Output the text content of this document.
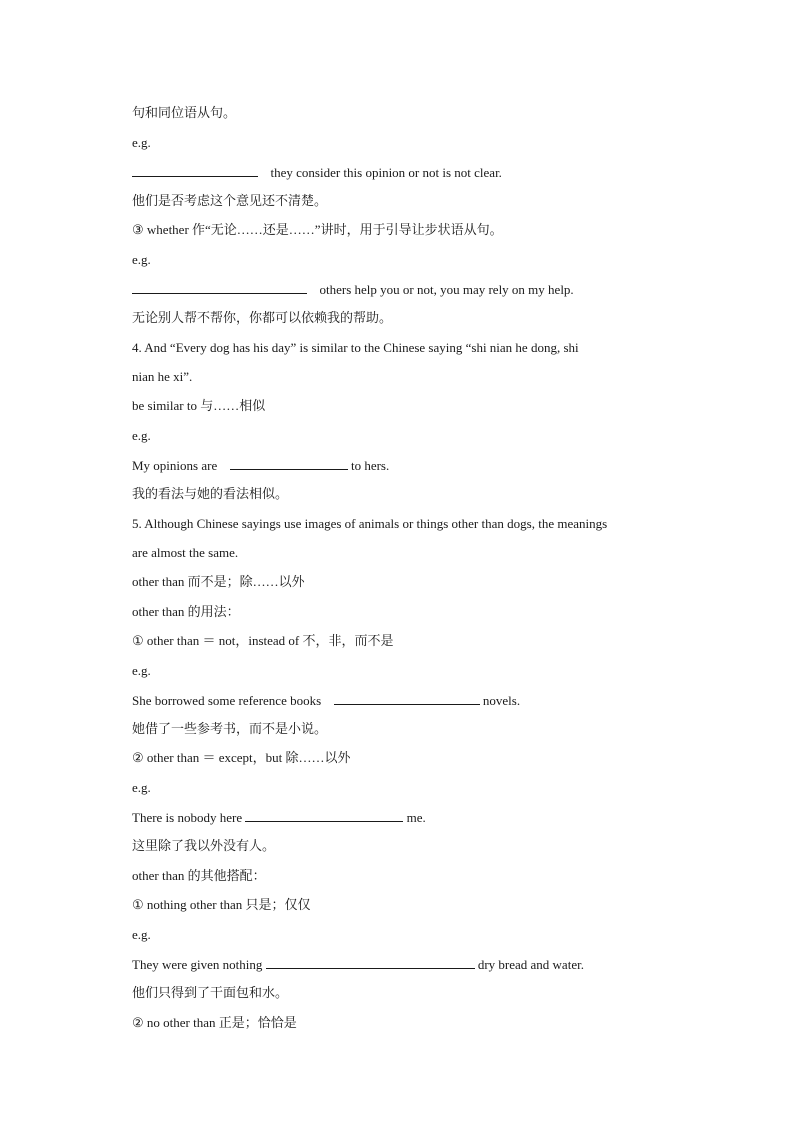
句和同位语从句。
e.g.
they consider this opinion or not is not clear.
他们是否考虑这个意见还不清楚。
③ whether 作“无论……还是……”讲时，用于引导让步状语从句。
e.g.
others help you or not, you may rely on my help.
无论别人帮不帮你，你都可以依赖我的帮助。
4. And “Every dog has his day” is similar to the Chinese saying “shi nian he dong, shi
nian he xi”.
be similar to 与……相似
e.g.
My opinions are	to hers.
我的看法与她的看法相似。
5. Although Chinese sayings use images of animals or things other than dogs, the meanings
are almost the same.
other than 而不是；除……以外
other than 的用法：
① other than ＝ not，instead of 不，非，而不是
e.g.
She borrowed some reference books	novels.
她借了一些参考书，而不是小说。
② other than ＝ except，but 除……以外
e.g.
There is nobody here	me.
这里除了我以外没有人。
other than 的其他搭配：
① nothing other than 只是；仅仅
e.g.
They were given nothing	dry bread and water.
他们只得到了干面包和水。
② no other than 正是；恰恰是
